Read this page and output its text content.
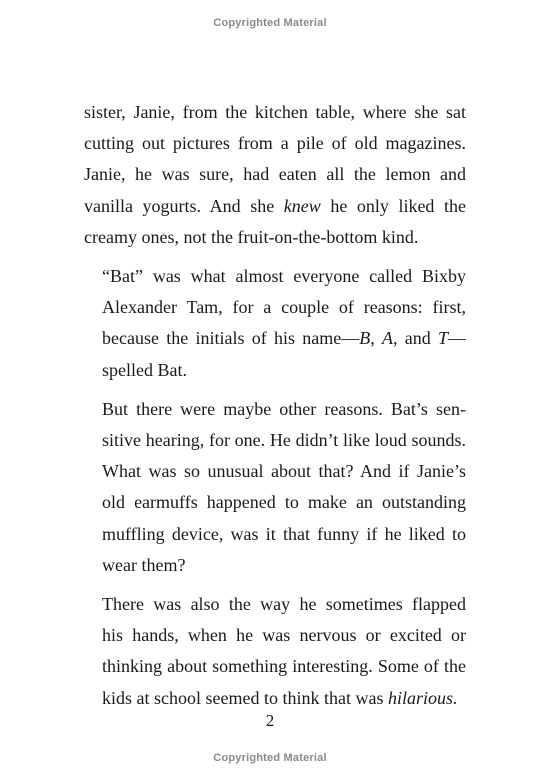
Copyrighted Material
sister, Janie, from the kitchen table, where she sat
cutting out pictures from a pile of old magazines.
Janie, he was sure, had eaten all the lemon and
vanilla yogurts. And she knew he only liked the
creamy ones, not the fruit-on-the-bottom kind.
“Bat” was what almost everyone called Bixby
Alexander Tam, for a couple of reasons: first,
because the initials of his name—B, A, and T—
spelled Bat.
But there were maybe other reasons. Bat’s sen-
sitive hearing, for one. He didn’t like loud sounds.
What was so unusual about that? And if Janie’s
old earmuffs happened to make an outstanding
muffling device, was it that funny if he liked to
wear them?
There was also the way he sometimes flapped
his hands, when he was nervous or excited or
thinking about something interesting. Some of the
kids at school seemed to think that was hilarious.
2
Copyrighted Material
